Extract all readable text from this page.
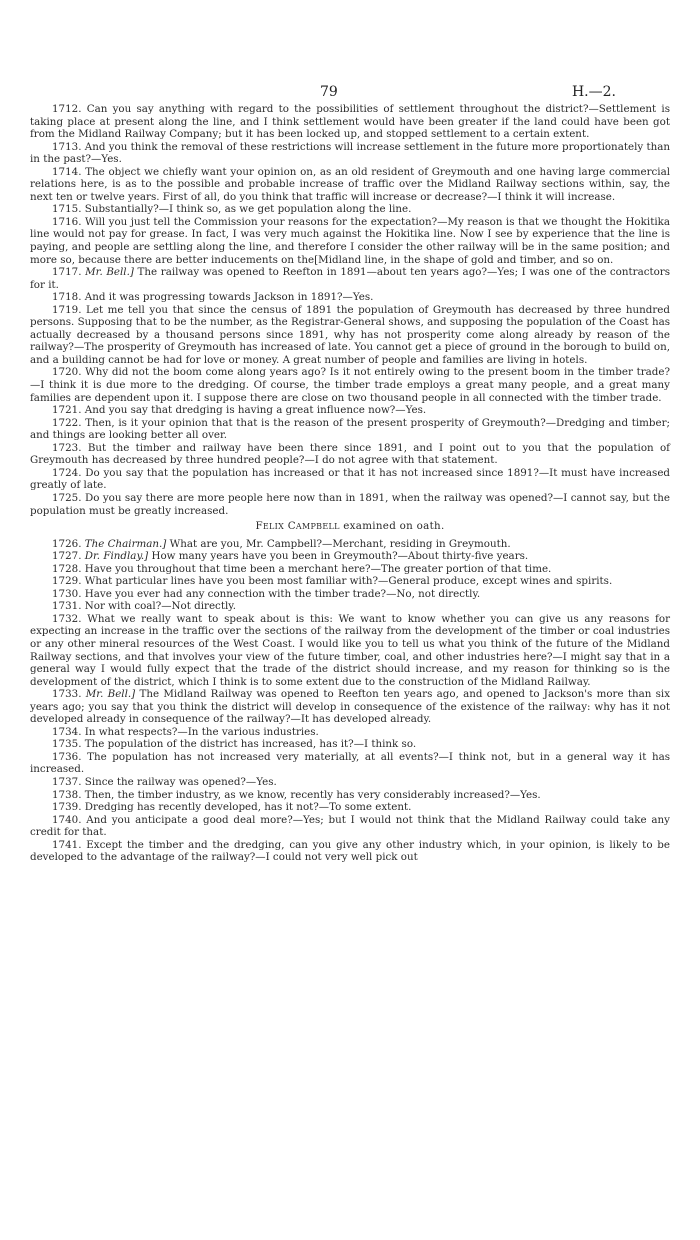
79	H.—2.

1712. Can you say anything with regard to the possibilities of settlement throughout the district?—Settlement is taking place at present along the line, and I think settlement would have been greater if the land could have been got from the Midland Railway Company; but it has been locked up, and stopped settlement to a certain extent.

1713. And you think the removal of these restrictions will increase settlement in the future more proportionately than in the past?—Yes.

1714. The object we chiefly want your opinion on, as an old resident of Greymouth and one having large commercial relations here, is as to the possible and probable increase of traffic over the Midland Railway sections within, say, the next ten or twelve years. First of all, do you think that traffic will increase or decrease?—I think it will increase.

1715. Substantially?—I think so, as we get population along the line.

1716. Will you just tell the Commission your reasons for the expectation?—My reason is that we thought the Hokitika line would not pay for grease. In fact, I was very much against the Hokitika line. Now I see by experience that the line is paying, and people are settling along the line, and therefore I consider the other railway will be in the same position; and more so, because there are better inducements on the[Midland line, in the shape of gold and timber, and so on.

1717. Mr. Bell.] The railway was opened to Reefton in 1891—about ten years ago?—Yes; I was one of the contractors for it.

1718. And it was progressing towards Jackson in 1891?—Yes.

1719. Let me tell you that since the census of 1891 the population of Greymouth has decreased by three hundred persons. Supposing that to be the number, as the Registrar-General shows, and supposing the population of the Coast has actually decreased by a thousand persons since 1891, why has not prosperity come along already by reason of the railway?—The prosperity of Greymouth has increased of late. You cannot get a piece of ground in the borough to build on, and a building cannot be had for love or money. A great number of people and families are living in hotels.

1720. Why did not the boom come along years ago? Is it not entirely owing to the present boom in the timber trade?—I think it is due more to the dredging. Of course, the timber trade employs a great many people, and a great many families are dependent upon it. I suppose there are close on two thousand people in all connected with the timber trade.

1721. And you say that dredging is having a great influence now?—Yes.

1722. Then, is it your opinion that that is the reason of the present prosperity of Greymouth?—Dredging and timber; and things are looking better all over.

1723. But the timber and railway have been there since 1891, and I point out to you that the population of Greymouth has decreased by three hundred people?—I do not agree with that statement.

1724. Do you say that the population has increased or that it has not increased since 1891?—It must have increased greatly of late.

1725. Do you say there are more people here now than in 1891, when the railway was opened?—I cannot say, but the population must be greatly increased.

FELIX CAMPBELL examined on oath.

1726. The Chairman.] What are you, Mr. Campbell?—Merchant, residing in Greymouth.

1727. Dr. Findlay.] How many years have you been in Greymouth?—About thirty-five years.

1728. Have you throughout that time been a merchant here?—The greater portion of that time.

1729. What particular lines have you been most familiar with?—General produce, except wines and spirits.

1730. Have you ever had any connection with the timber trade?—No, not directly.

1731. Nor with coal?—Not directly.

1732. What we really want to speak about is this: We want to know whether you can give us any reasons for expecting an increase in the traffic over the sections of the railway from the development of the timber or coal industries or any other mineral resources of the West Coast. I would like you to tell us what you think of the future of the Midland Railway sections, and that involves your view of the future timber, coal, and other industries here?—I might say that in a general way I would fully expect that the trade of the district should increase, and my reason for thinking so is the development of the district, which I think is to some extent due to the construction of the Midland Railway.

1733. Mr. Bell.] The Midland Railway was opened to Reefton ten years ago, and opened to Jackson's more than six years ago; you say that you think the district will develop in consequence of the existence of the railway: why has it not developed already in consequence of the railway?—It has developed already.

1734. In what respects?—In the various industries.

1735. The population of the district has increased, has it?—I think so.

1736. The population has not increased very materially, at all events?—I think not, but in a general way it has increased.

1737. Since the railway was opened?—Yes.

1738. Then, the timber industry, as we know, recently has very considerably increased?—Yes.

1739. Dredging has recently developed, has it not?—To some extent.

1740. And you anticipate a good deal more?—Yes; but I would not think that the Midland Railway could take any credit for that.

1741. Except the timber and the dredging, can you give any other industry which, in your opinion, is likely to be developed to the advantage of the railway?—I could not very well pick out
